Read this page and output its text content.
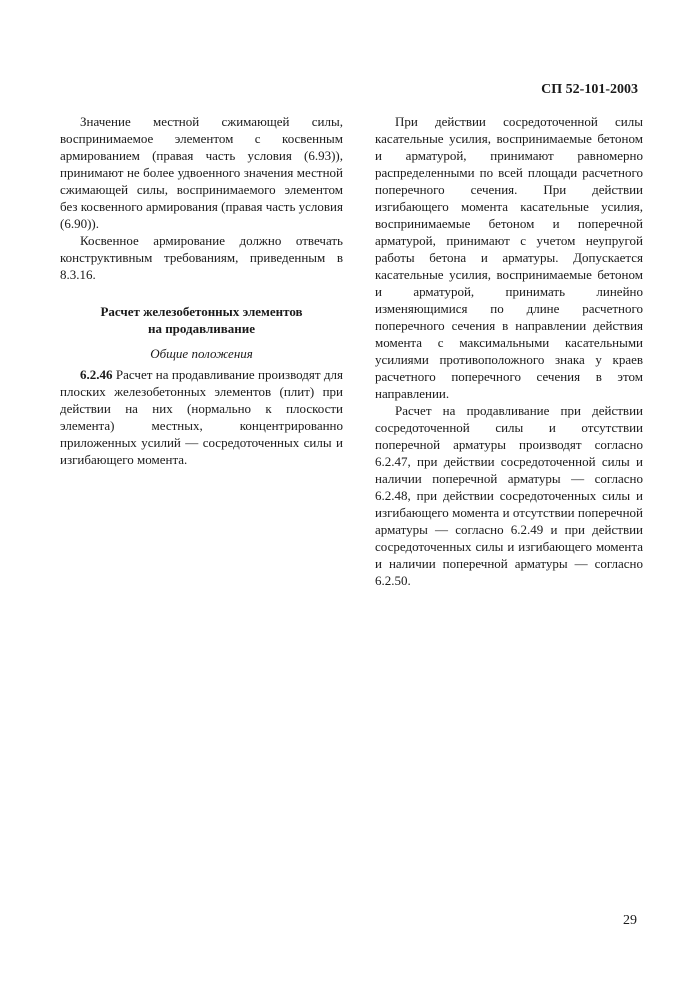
СП 52-101-2003

Значение местной сжимающей силы, воспринимаемое элементом с косвенным армированием (правая часть условия (6.93)), принимают не более удвоенного значения местной сжимающей силы, воспринимаемого элементом без косвенного армирования (правая часть условия (6.90)).

Косвенное армирование должно отвечать конструктивным требованиям, приведенным в 8.3.16.

Расчет железобетонных элементов
на продавливание

Общие положения

6.2.46 Расчет на продавливание производят для плоских железобетонных элементов (плит) при действии на них (нормально к плоскости элемента) местных, концентрированно приложенных усилий — сосредоточенных силы и изгибающего момента.

При действии сосредоточенной силы касательные усилия, воспринимаемые бетоном и арматурой, принимают равномерно распределенными по всей площади расчетного поперечного сечения. При действии изгибающего момента касательные усилия, воспринимаемые бетоном и поперечной арматурой, принимают с учетом неупругой работы бетона и арматуры. Допускается касательные усилия, воспринимаемые бетоном и арматурой, принимать линейно изменяющимися по длине расчетного поперечного сечения в направлении действия момента с максимальными касательными усилиями противоположного знака у краев расчетного поперечного сечения в этом направлении.

Расчет на продавливание при действии сосредоточенной силы и отсутствии поперечной арматуры производят согласно 6.2.47, при действии сосредоточенной силы и наличии поперечной арматуры — согласно 6.2.48, при действии сосредоточенных силы и изгибающего момента и отсутствии поперечной арматуры — согласно 6.2.49 и при действии сосредоточенных силы и изгибающего момента и наличии поперечной арматуры — согласно 6.2.50.

29
